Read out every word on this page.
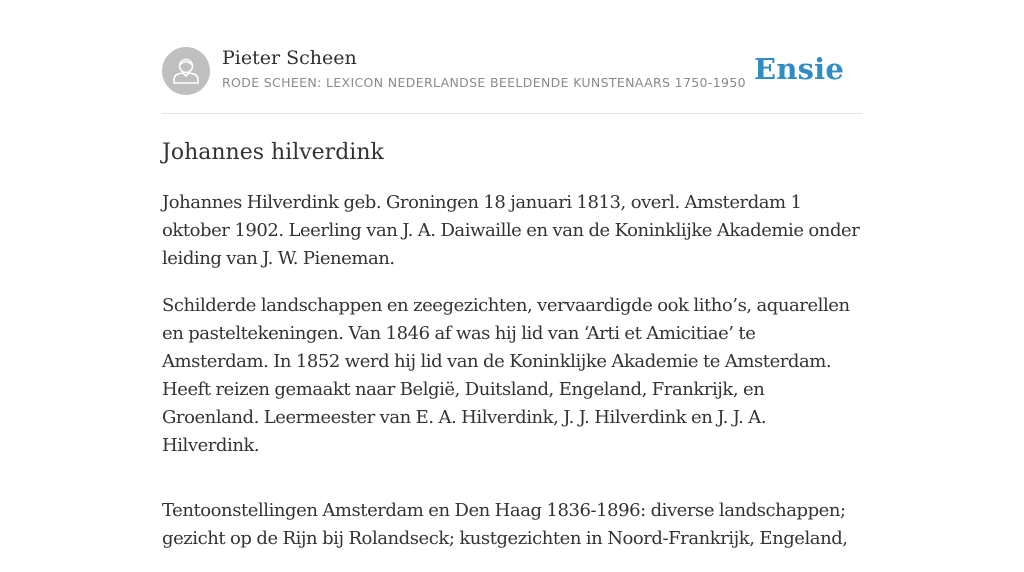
Pieter Scheen
RODE SCHEEN: LEXICON NEDERLANDSE BEELDENDE KUNSTENAARS 1750-1950 Ensie
Johannes hilverdink

Johannes Hilverdink geb. Groningen 18 januari 1813, overl. Amsterdam 1 oktober 1902. Leerling van J. A. Daiwaille en van de Koninklijke Akademie onder leiding van J. W. Pieneman.

Schilderde landschappen en zeegezichten, vervaardigde ook litho’s, aquarellen en pasteltekeningen. Van 1846 af was hij lid van ‘Arti et Amicitiae’ te Amsterdam. In 1852 werd hij lid van de Koninklijke Akademie te Amsterdam. Heeft reizen gemaakt naar België, Duitsland, Engeland, Frankrijk, en Groenland. Leermeester van E. A. Hilverdink, J. J. Hilverdink en J. J. A. Hilverdink.

Tentoonstellingen Amsterdam en Den Haag 1836-1896: diverse landschappen; gezicht op de Rijn bij Rolandseck; kustgezichten in Noord-Frankrijk, Engeland,
